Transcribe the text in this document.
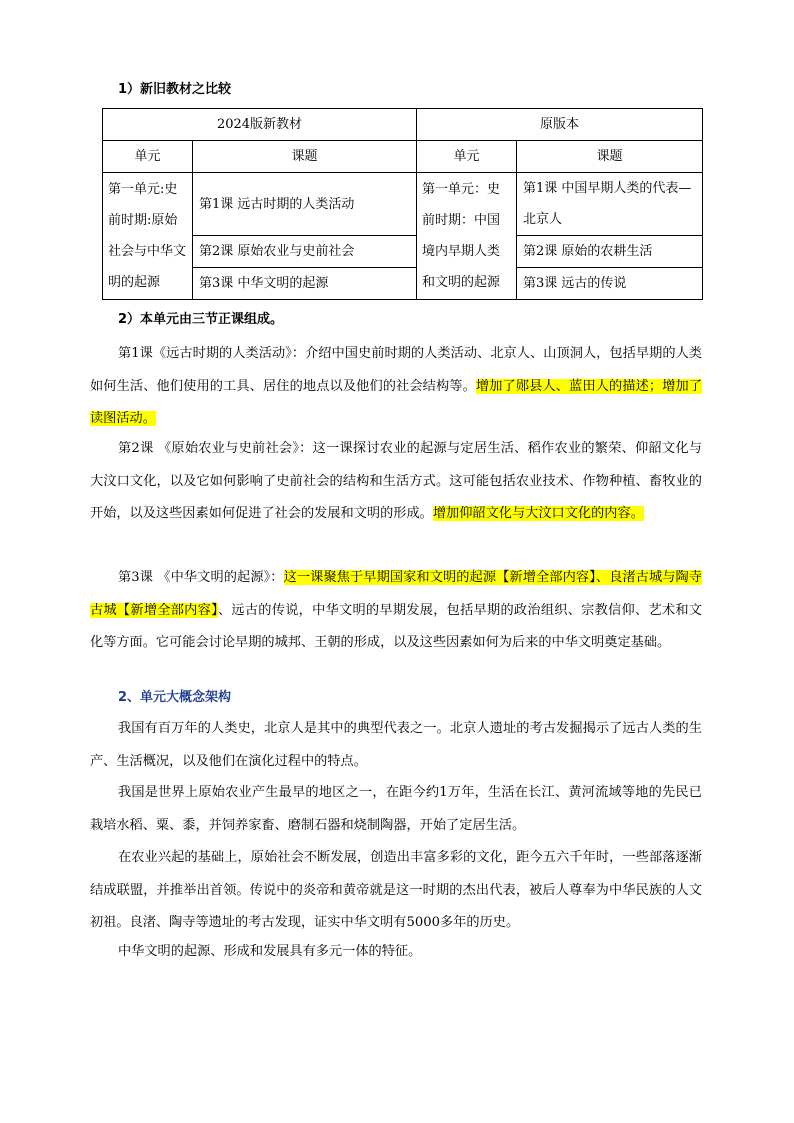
1）新旧教材之比较
2024版新教材		原版本	
单元	课题	单元	课题
第一单元:史前时期:原始社会与中华文明的起源	第1课 远古时期的人类活动	第一单元：史前时期：中国境内早期人类和文明的起源	第1课 中国早期人类的代表—北京人
	第2课 原始农业与史前社会		第2课 原始的农耕生活
	第3课 中华文明的起源		第3课 远古的传说
2）本单元由三节正课组成。

第1课《远古时期的人类活动》：介绍中国史前时期的人类活动、北京人、山顶洞人，包括早期的人类如何生活、他们使用的工具、居住的地点以及他们的社会结构等。增加了郧县人、蓝田人的描述；增加了读图活动。

第2课 《原始农业与史前社会》：这一课探讨农业的起源与定居生活、稻作农业的繁荣、仰韶文化与大汶口文化，以及它如何影响了史前社会的结构和生活方式。这可能包括农业技术、作物种植、畜牧业的开始，以及这些因素如何促进了社会的发展和文明的形成。增加仰韶文化与大汶口文化的内容。

第3课 《中华文明的起源》：这一课聚焦于早期国家和文明的起源【新增全部内容】、良渚古城与陶寺古城【新增全部内容】、远古的传说，中华文明的早期发展，包括早期的政治组织、宗教信仰、艺术和文化等方面。它可能会讨论早期的城邦、王朝的形成，以及这些因素如何为后来的中华文明奠定基础。

2、单元大概念架构

我国有百万年的人类史，北京人是其中的典型代表之一。北京人遗址的考古发掘揭示了远古人类的生产、生活概况，以及他们在演化过程中的特点。

我国是世界上原始农业产生最早的地区之一，在距今约1万年，生活在长江、黄河流域等地的先民已栽培水稻、粟、黍，并饲养家畜、磨制石器和烧制陶器，开始了定居生活。

在农业兴起的基础上，原始社会不断发展，创造出丰富多彩的文化，距今五六千年时，一些部落逐渐结成联盟，并推举出首领。传说中的炎帝和黄帝就是这一时期的杰出代表，被后人尊奉为中华民族的人文初祖。良渚、陶寺等遗址的考古发现，证实中华文明有5000多年的历史。

中华文明的起源、形成和发展具有多元一体的特征。
